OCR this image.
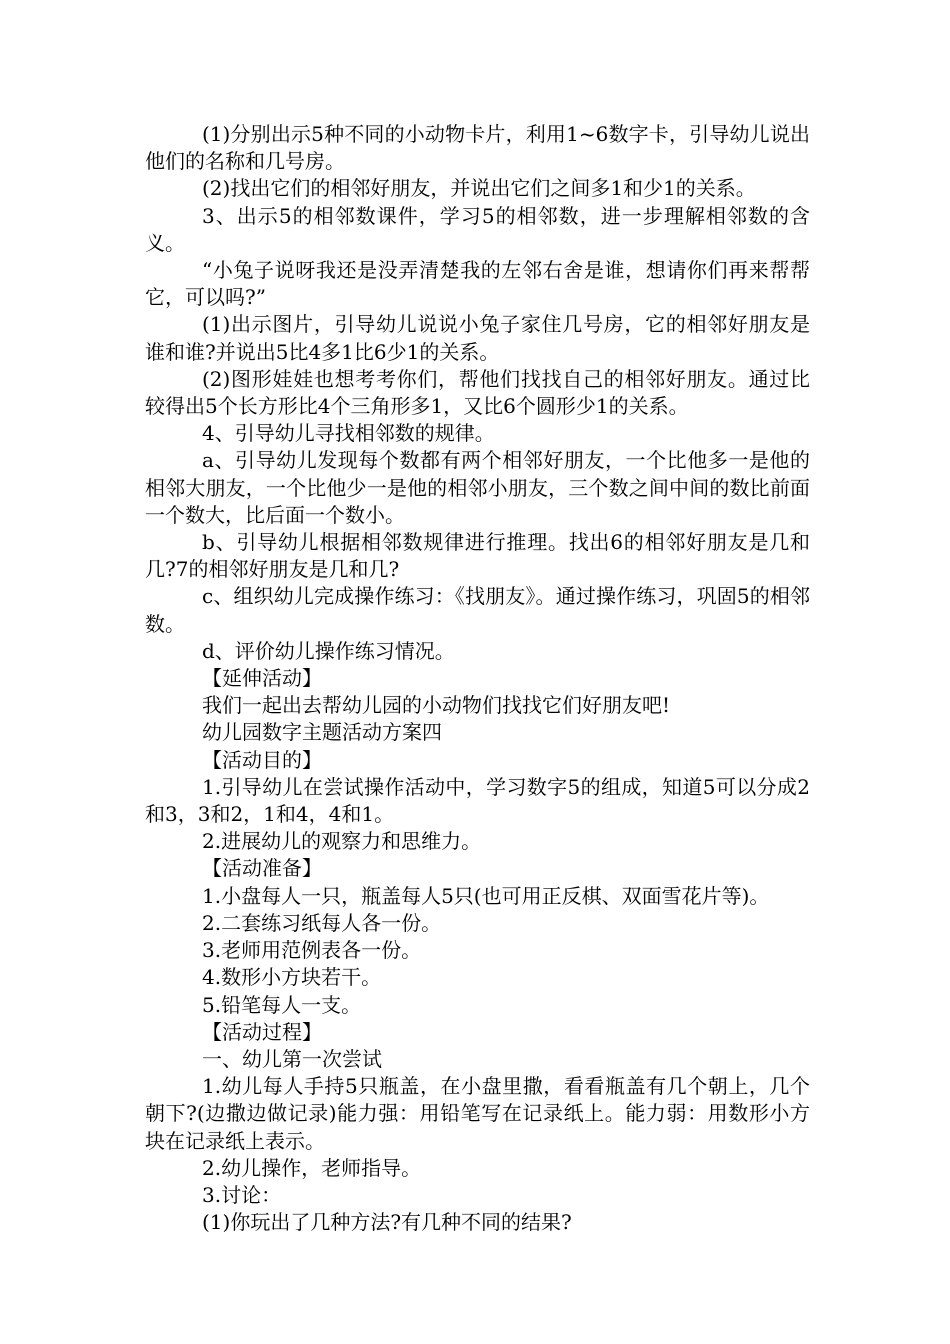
(1)分别出示5种不同的小动物卡片，利用1~6数字卡，引导幼儿说出他们的名称和几号房。

(2)找出它们的相邻好朋友，并说出它们之间多1和少1的关系。

3、出示5的相邻数课件，学习5的相邻数，进一步理解相邻数的含义。

“小兔子说呀我还是没弄清楚我的左邻右舍是谁，想请你们再来帮帮它，可以吗?”

(1)出示图片，引导幼儿说说小兔子家住几号房，它的相邻好朋友是谁和谁?并说出5比4多1比6少1的关系。

(2)图形娃娃也想考考你们，帮他们找找自己的相邻好朋友。通过比较得出5个长方形比4个三角形多1，又比6个圆形少1的关系。

4、引导幼儿寻找相邻数的规律。

a、引导幼儿发现每个数都有两个相邻好朋友，一个比他多一是他的相邻大朋友，一个比他少一是他的相邻小朋友，三个数之间中间的数比前面一个数大，比后面一个数小。

b、引导幼儿根据相邻数规律进行推理。找出6的相邻好朋友是几和几?7的相邻好朋友是几和几?

c、组织幼儿完成操作练习：《找朋友》。通过操作练习，巩固5的相邻数。

d、评价幼儿操作练习情况。

【延伸活动】

我们一起出去帮幼儿园的小动物们找找它们好朋友吧!

幼儿园数字主题活动方案四

【活动目的】

1.引导幼儿在尝试操作活动中，学习数字5的组成，知道5可以分成2和3，3和2，1和4，4和1。

2.进展幼儿的观察力和思维力。

【活动准备】

1.小盘每人一只，瓶盖每人5只(也可用正反棋、双面雪花片等)。

2.二套练习纸每人各一份。

3.老师用范例表各一份。

4.数形小方块若干。

5.铅笔每人一支。

【活动过程】

一、幼儿第一次尝试

1.幼儿每人手持5只瓶盖，在小盘里撒，看看瓶盖有几个朝上，几个朝下?(边撒边做记录)能力强：用铅笔写在记录纸上。能力弱：用数形小方块在记录纸上表示。

2.幼儿操作，老师指导。

3.讨论：

(1)你玩出了几种方法?有几种不同的结果?
